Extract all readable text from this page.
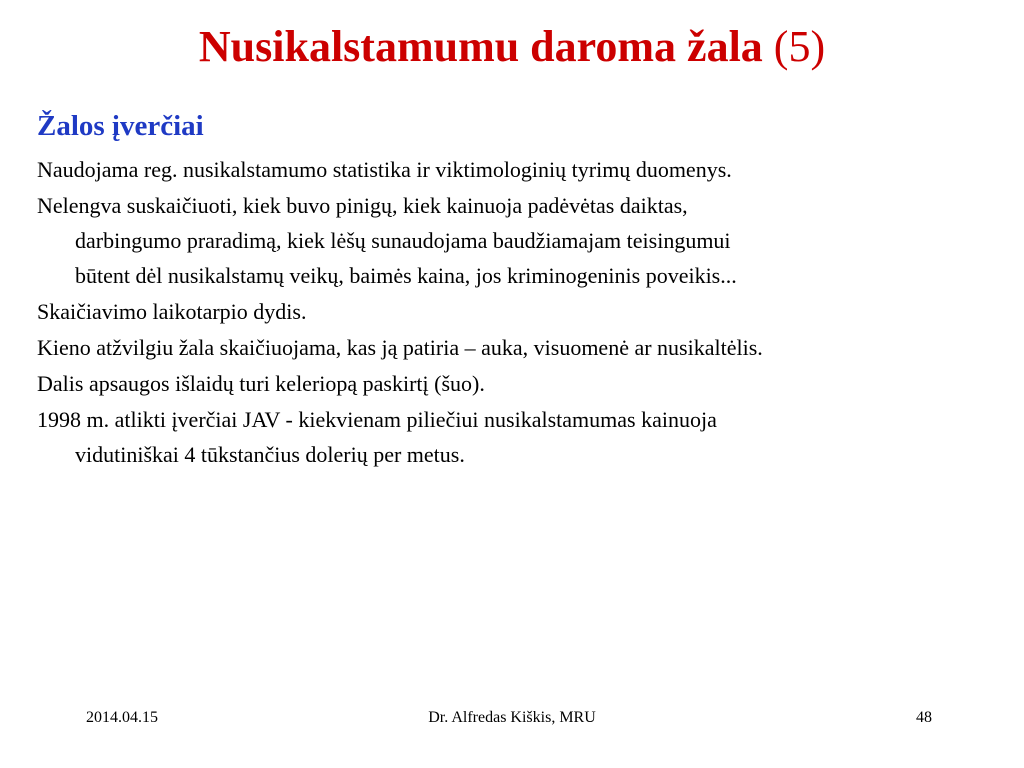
Nusikalstamumu daroma žala (5)
Žalos įverčiai
Naudojama reg. nusikalstamumo statistika ir viktimologinių tyrimų duomenys.
Nelengva suskaičiuoti, kiek buvo pinigų, kiek kainuoja padėvėtas daiktas,
darbingumo praradimą, kiek lėšų sunaudojama baudžiamajam teisingumui
būtent dėl nusikalstamų veikų, baimės kaina, jos kriminogeninis poveikis...
Skaičiavimo laikotarpio dydis.
Kieno atžvilgiu žala skaičiuojama, kas ją patiria – auka, visuomenė ar nusikaltėlis.
Dalis apsaugos išlaidų turi keleriopą paskirtį (šuo).
1998 m. atlikti įverčiai JAV - kiekvienam piliečiui nusikalstamumas kainuoja
vidutiniškai 4 tūkstančius dolerių per metus.
2014.04.15	Dr. Alfredas Kiškis, MRU	48
